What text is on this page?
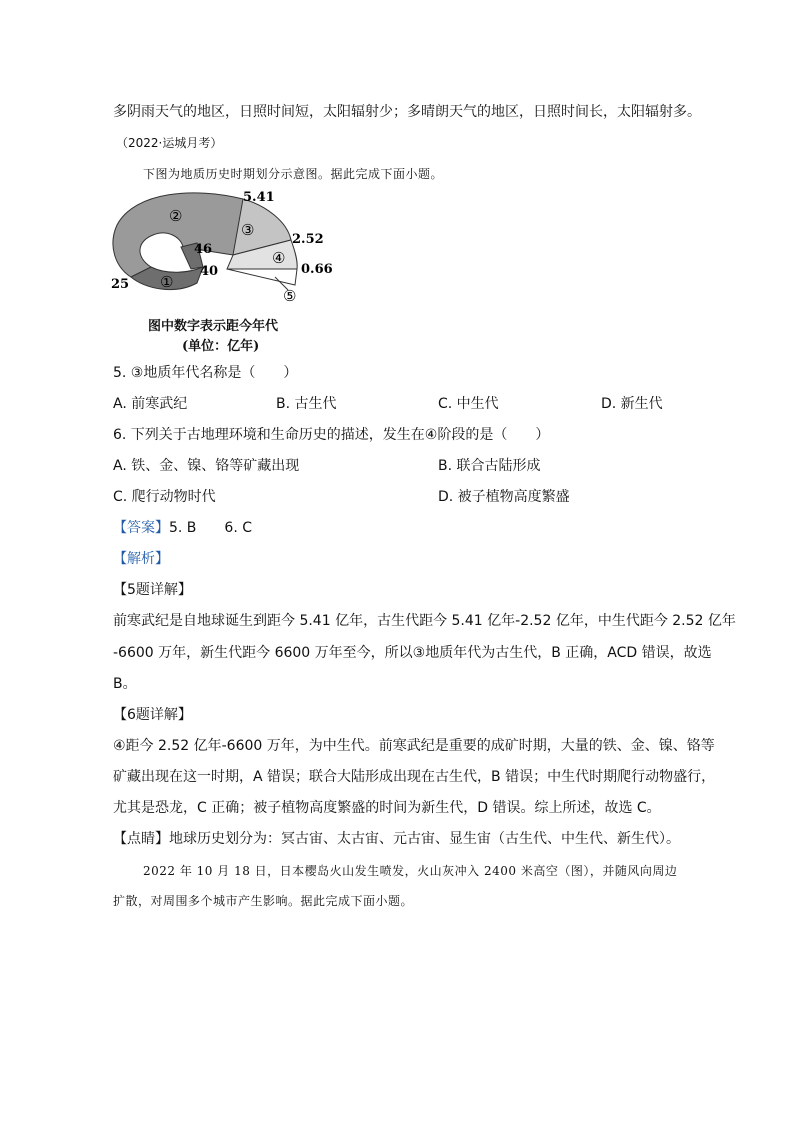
多阴雨天气的地区，日照时间短，太阳辐射少；多晴朗天气的地区，日照时间长，太阳辐射多。
（2022·运城月考）
下图为地质历史时期划分示意图。据此完成下面小题。
②
③
④
①
⑤
5.41
2.52
0.66
46
40
25
图中数字表示距今年代
(单位：亿年)
5. ③地质年代名称是（　　）
A. 前寒武纪	B. 古生代	C. 中生代	D. 新生代
6. 下列关于古地理环境和生命历史的描述，发生在④阶段的是（　　）
A. 铁、金、镍、铬等矿藏出现	B. 联合古陆形成
C. 爬行动物时代	D. 被子植物高度繁盛
【答案】5. B　　6. C
【解析】
【5题详解】
前寒武纪是自地球诞生到距今 5.41 亿年，古生代距今 5.41 亿年-2.52 亿年，中生代距今 2.52 亿年
-6600 万年，新生代距今 6600 万年至今，所以③地质年代为古生代，B 正确，ACD 错误，故选
B。
【6题详解】
④距今 2.52 亿年-6600 万年，为中生代。前寒武纪是重要的成矿时期，大量的铁、金、镍、铬等
矿藏出现在这一时期，A 错误；联合大陆形成出现在古生代，B 错误；中生代时期爬行动物盛行，
尤其是恐龙，C 正确；被子植物高度繁盛的时间为新生代，D 错误。综上所述，故选 C。
【点睛】地球历史划分为：冥古宙、太古宙、元古宙、显生宙（古生代、中生代、新生代）。
2022 年 10 月 18 日，日本樱岛火山发生喷发，火山灰冲入 2400 米高空（图），并随风向周边
扩散，对周围多个城市产生影响。据此完成下面小题。
